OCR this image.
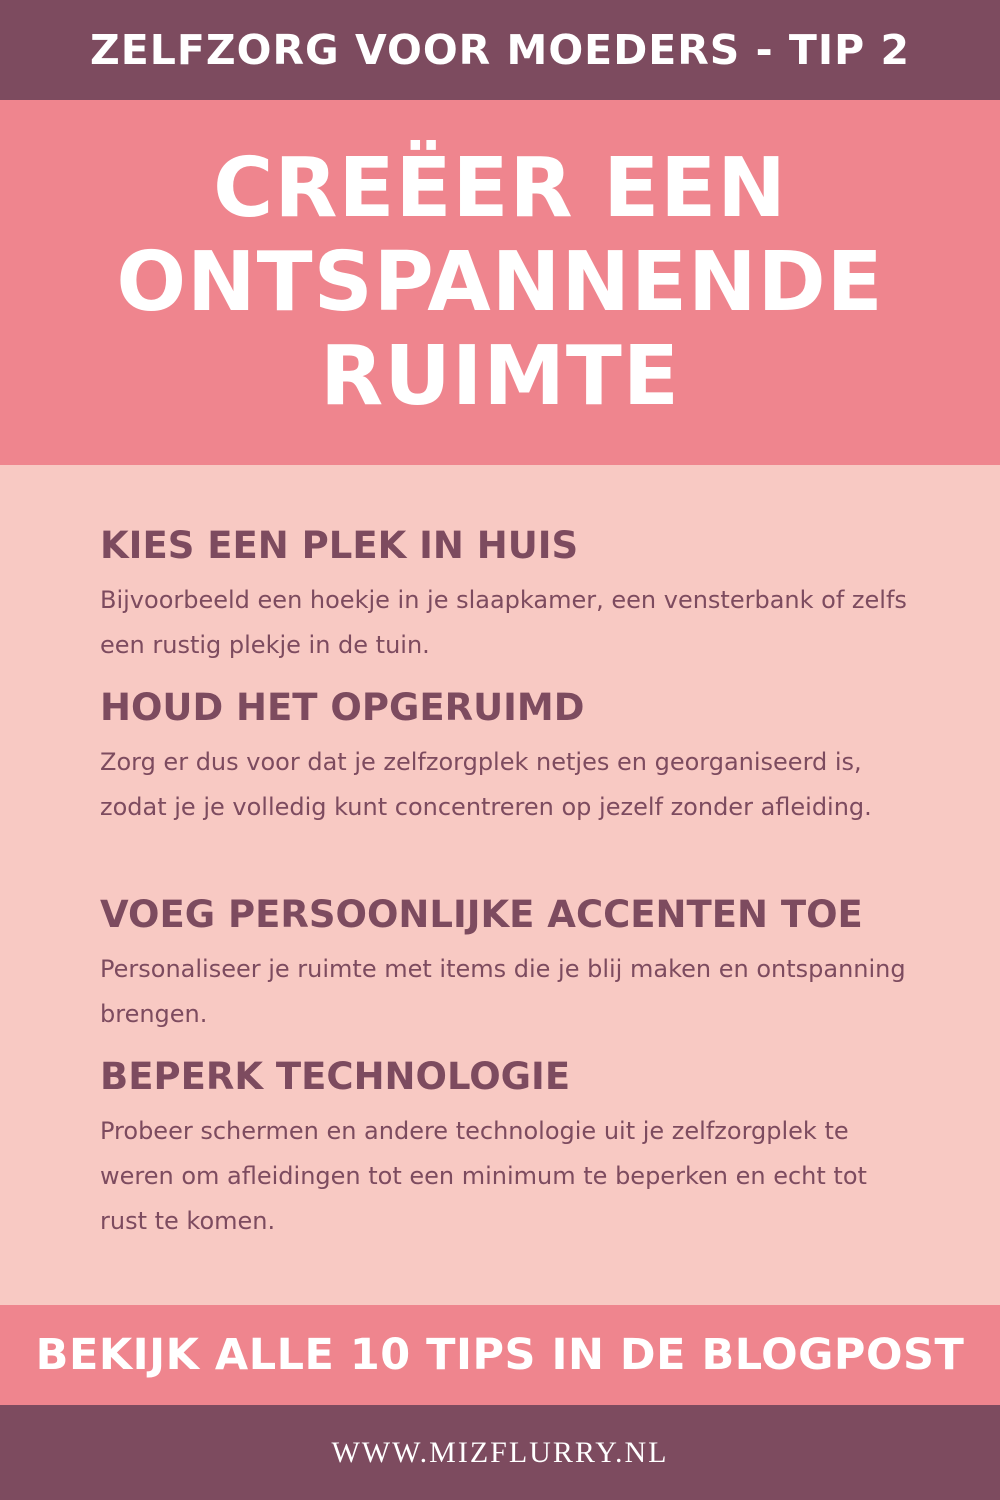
ZELFZORG VOOR MOEDERS - TIP 2
CREËER EEN
ONTSPANNENDE
RUIMTE
KIES EEN PLEK IN HUIS

Bijvoorbeeld een hoekje in je slaapkamer, een vensterbank of zelfs een rustig plekje in de tuin.

HOUD HET OPGERUIMD

Zorg er dus voor dat je zelfzorgplek netjes en georganiseerd is, zodat je je volledig kunt concentreren op jezelf zonder afleiding.

VOEG PERSOONLIJKE ACCENTEN TOE

Personaliseer je ruimte met items die je blij maken en ontspanning brengen.

BEPERK TECHNOLOGIE

Probeer schermen en andere technologie uit je zelfzorgplek te weren om afleidingen tot een minimum te beperken en echt tot rust te komen.

BEKIJK ALLE 10 TIPS IN DE BLOGPOST
WWW.MIZFLURRY.NL
